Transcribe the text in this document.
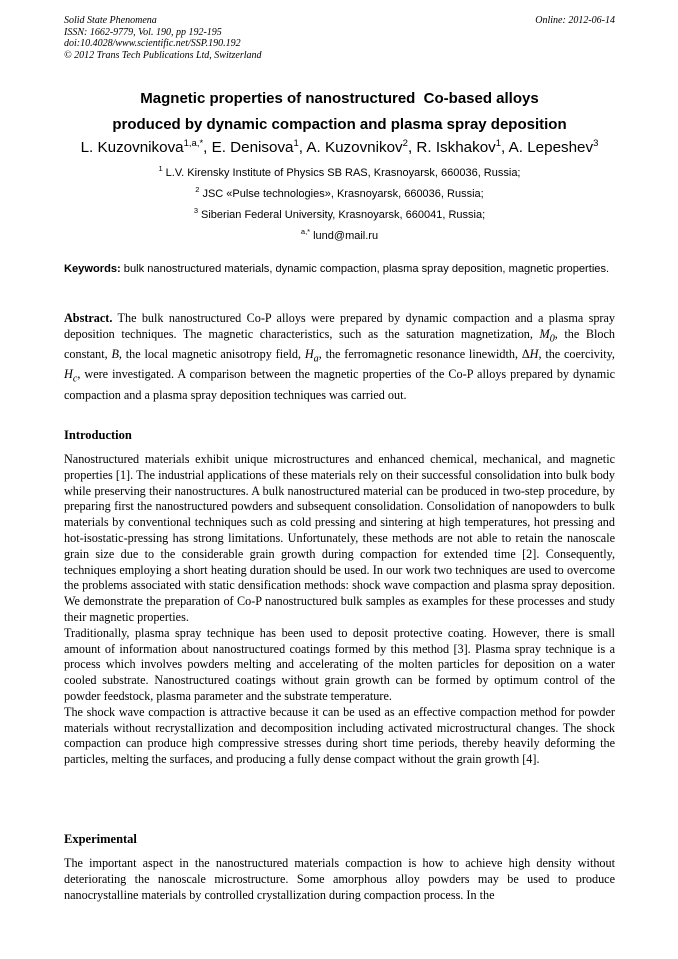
Solid State Phenomena
ISSN: 1662-9779, Vol. 190, pp 192-195
doi:10.4028/www.scientific.net/SSP.190.192
© 2012 Trans Tech Publications Ltd, Switzerland
Online: 2012-06-14
Magnetic properties of nanostructured  Co-based alloys
produced by dynamic compaction and plasma spray deposition
L. Kuzovnikova$^{1,a,*}$, E. Denisova$^1$, A. Kuzovnikov$^2$, R. Iskhakov$^1$, A. Lepeshev$^3$
$^1$ L.V. Kirensky Institute of Physics SB RAS, Krasnoyarsk, 660036, Russia;
$^2$ JSC «Pulse technologies», Krasnoyarsk, 660036, Russia;
$^3$ Siberian Federal University, Krasnoyarsk, 660041, Russia;
$^{a,*}$ lund@mail.ru
Keywords: bulk nanostructured materials, dynamic compaction, plasma spray deposition, magnetic properties.
Abstract. The bulk nanostructured Co-P alloys were prepared by dynamic compaction and a plasma spray deposition techniques. The magnetic characteristics, such as the saturation magnetization, $M_0$, the Bloch constant, B, the local magnetic anisotropy field, $H_a$, the ferromagnetic resonance linewidth, ΔH, the coercivity, $H_c$, were investigated. A comparison between the magnetic properties of the Co-P alloys prepared by dynamic compaction and a plasma spray deposition techniques was carried out.
Introduction

Nanostructured materials exhibit unique microstructures and enhanced chemical, mechanical, and magnetic properties [1]. The industrial applications of these materials rely on their successful consolidation into bulk body while preserving their nanostructures. A bulk nanostructured material can be produced in two-step procedure, by preparing first the nanostructured powders and subsequent consolidation. Consolidation of nanopowders to bulk materials by conventional techniques such as cold pressing and sintering at high temperatures, hot pressing and hot-isostatic-pressing has strong limitations. Unfortunately, these methods are not able to retain the nanoscale grain size due to the considerable grain growth during compaction for extended time [2]. Consequently, techniques employing a short heating duration should be used. In our work two techniques are used to overcome the problems associated with static densification methods: shock wave compaction and plasma spray deposition. We demonstrate the preparation of Co-P nanostructured bulk samples as examples for these processes and study their magnetic properties.

Traditionally, plasma spray technique has been used to deposit protective coating. However, there is small amount of information about nanostructured coatings formed by this method [3]. Plasma spray technique is a process which involves powders melting and accelerating of the molten particles for deposition on a water cooled substrate. Nanostructured coatings without grain growth can be formed by optimum control of the powder feedstock, plasma parameter and the substrate temperature.

The shock wave compaction is attractive because it can be used as an effective compaction method for powder materials without recrystallization and decomposition including activated microstructural changes. The shock compaction can produce high compressive stresses during short time periods, thereby heavily deforming the particles, melting the surfaces, and producing a fully dense compact without the grain growth [4].

Experimental

The important aspect in the nanostructured materials compaction is how to achieve high density without deteriorating the nanoscale microstructure. Some amorphous alloy powders may be used to produce nanocrystalline materials by controlled crystallization during compaction process. In the
